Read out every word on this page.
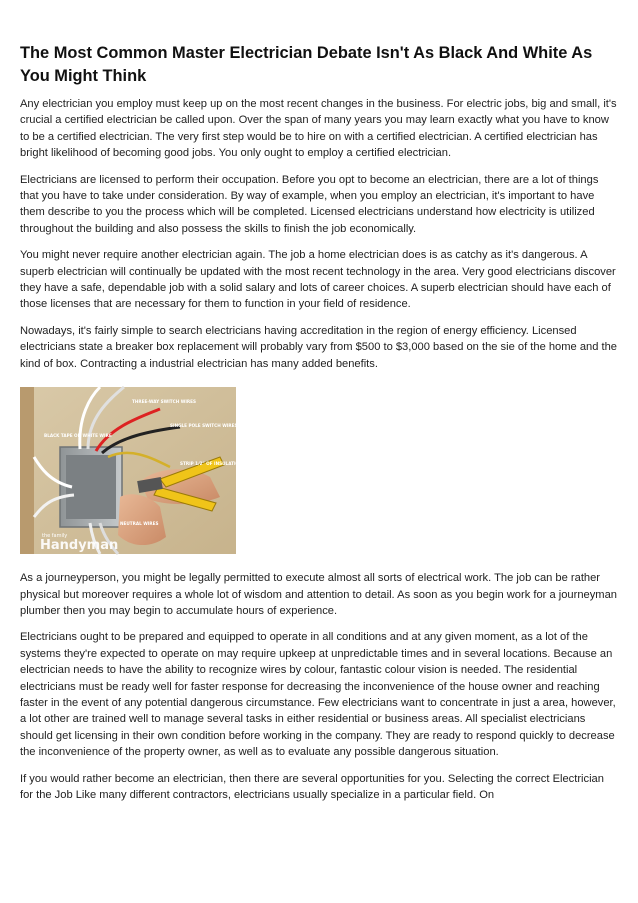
The Most Common Master Electrician Debate Isn't As Black And White As You Might Think

Any electrician you employ must keep up on the most recent changes in the business. For electric jobs, big and small, it's crucial a certified electrician be called upon. Over the span of many years you may learn exactly what you have to know to be a certified electrician. The very first step would be to hire on with a certified electrician. A certified electrician has bright likelihood of becoming good jobs. You only ought to employ a certified electrician.

Electricians are licensed to perform their occupation. Before you opt to become an electrician, there are a lot of things that you have to take under consideration. By way of example, when you employ an electrician, it's important to have them describe to you the process which will be completed. Licensed electricians understand how electricity is utilized throughout the building and also possess the skills to finish the job economically.

You might never require another electrician again. The job a home electrician does is as catchy as it's dangerous. A superb electrician will continually be updated with the most recent technology in the area. Very good electricians discover they have a safe, dependable job with a solid salary and lots of career choices. A superb electrician should have each of those licenses that are necessary for them to function in your field of residence.

Nowadays, it's fairly simple to search electricians having accreditation in the region of energy efficiency. Licensed electricians state a breaker box replacement will probably vary from $500 to $3,000 based on the sie of the home and the kind of box. Contracting a industrial electrician has many added benefits.

BLACK TAPE ON WHITE WIRE
THREE-WAY SWITCH WIRES
SINGLE POLE SWITCH WIRES
STRIP 1/2" OF INSULATION
NEUTRAL WIRES
the family
Handyman

As a journeyperson, you might be legally permitted to execute almost all sorts of electrical work. The job can be rather physical but moreover requires a whole lot of wisdom and attention to detail. As soon as you begin work for a journeyman plumber then you may begin to accumulate hours of experience.

Electricians ought to be prepared and equipped to operate in all conditions and at any given moment, as a lot of the systems they're expected to operate on may require upkeep at unpredictable times and in several locations. Because an electrician needs to have the ability to recognize wires by colour, fantastic colour vision is needed. The residential electricians must be ready well for faster response for decreasing the inconvenience of the house owner and reaching faster in the event of any potential dangerous circumstance. Few electricians want to concentrate in just a area, however, a lot other are trained well to manage several tasks in either residential or business areas. All specialist electricians should get licensing in their own condition before working in the company. They are ready to respond quickly to decrease the inconvenience of the property owner, as well as to evaluate any possible dangerous situation.

If you would rather become an electrician, then there are several opportunities for you. Selecting the correct Electrician for the Job Like many different contractors, electricians usually specialize in a particular field. On
